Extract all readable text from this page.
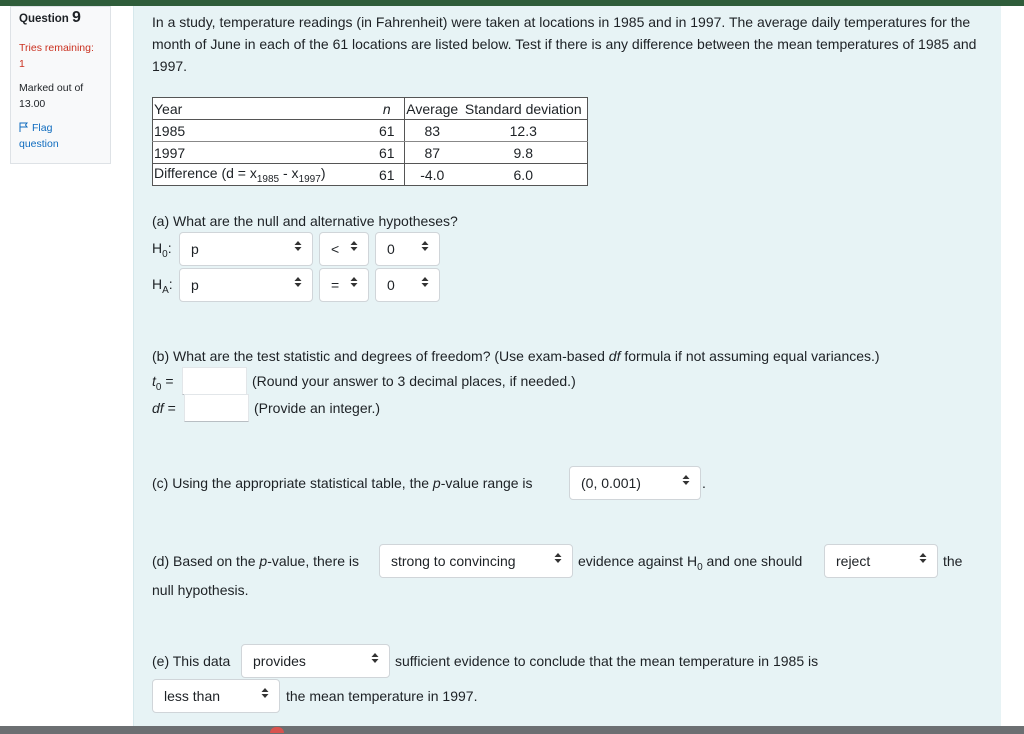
Question 9
Tries remaining:
1
Marked out of
13.00
Flag
question
In a study, temperature readings (in Fahrenheit) were taken at locations in 1985 and in 1997. The average daily temperatures for the month of June in each of the 61 locations are listed below. Test if there is any difference between the mean temperatures of 1985 and 1997.
Year	n	Average	Standard deviation
1985	61	83	12.3
1997	61	87	9.8
Difference $(d = x_{1985} - x_{1997})$	61	-4.0	6.0
(a) What are the null and alternative hypotheses?
$H_0$:	p	<	0
$H_A$:	p	=	0
(b) What are the test statistic and degrees of freedom? (Use exam-based df formula if not assuming equal variances.)
$t_0$ =	(Round your answer to 3 decimal places, if needed.)
df =	(Provide an integer.)
(c) Using the appropriate statistical table, the p-value range is	(0, 0.001)	.
(d) Based on the p-value, there is	strong to convincing	evidence against $H_0$ and one should	reject	the
null hypothesis.
(e) This data	provides	sufficient evidence to conclude that the mean temperature in 1985 is
less than	the mean temperature in 1997.
